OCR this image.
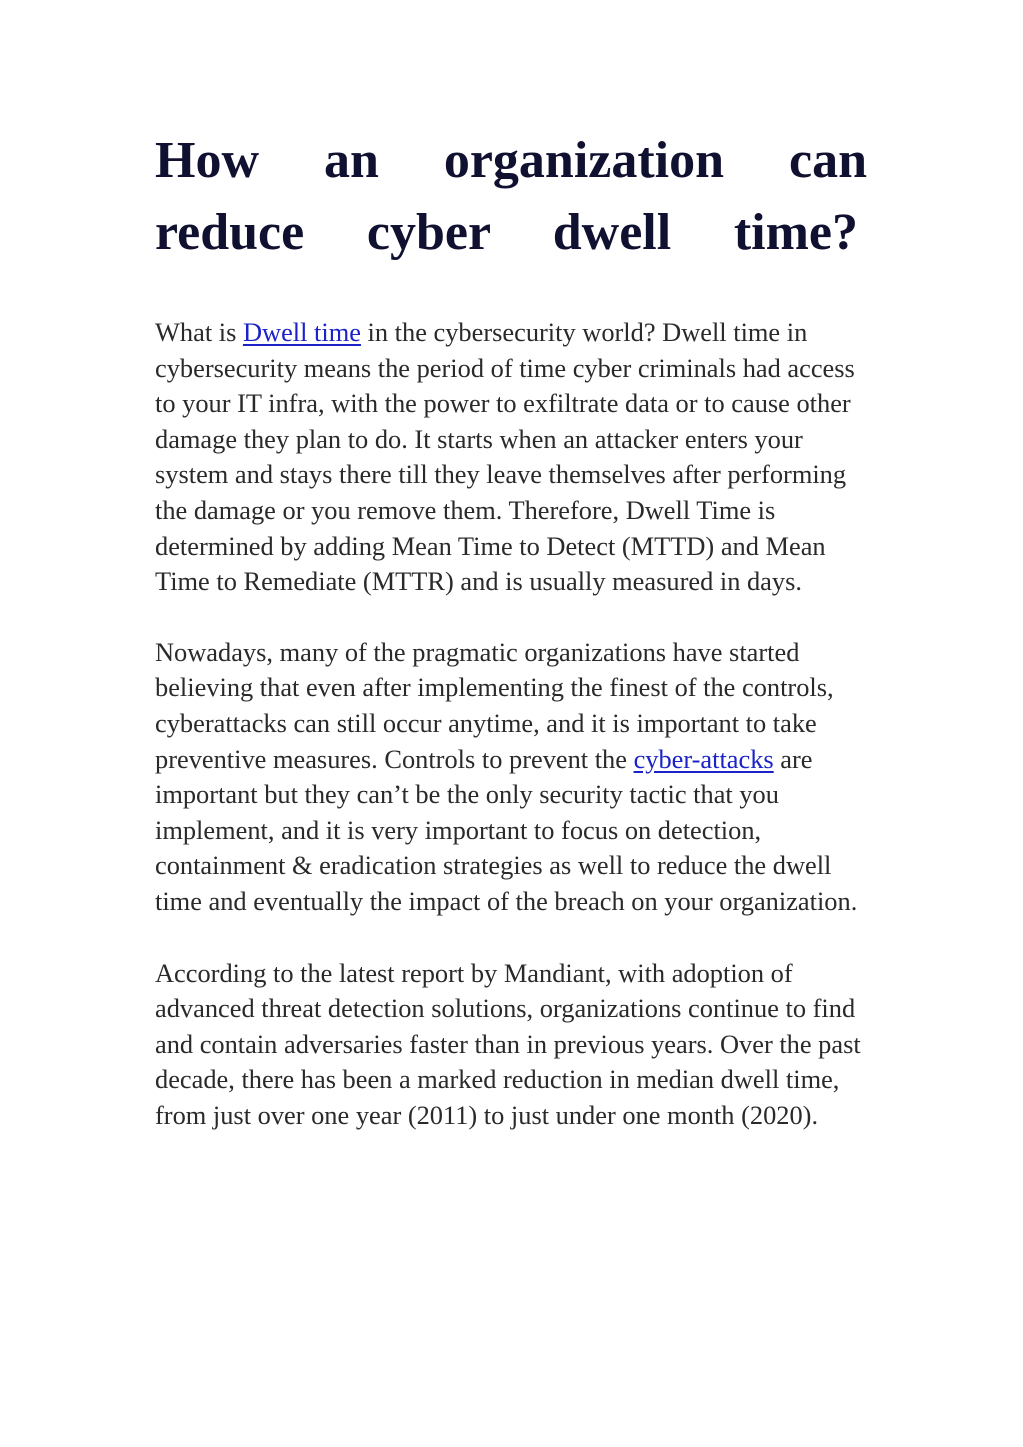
How an organization can
reduce cyber dwell time?

What is Dwell time in the cybersecurity world? Dwell time in cybersecurity means the period of time cyber criminals had access to your IT infra, with the power to exfiltrate data or to cause other damage they plan to do. It starts when an attacker enters your system and stays there till they leave themselves after performing the damage or you remove them. Therefore, Dwell Time is determined by adding Mean Time to Detect (MTTD) and Mean Time to Remediate (MTTR) and is usually measured in days.

Nowadays, many of the pragmatic organizations have started believing that even after implementing the finest of the controls, cyberattacks can still occur anytime, and it is important to take preventive measures. Controls to prevent the cyber-attacks are important but they can’t be the only security tactic that you implement, and it is very important to focus on detection, containment & eradication strategies as well to reduce the dwell time and eventually the impact of the breach on your organization.

According to the latest report by Mandiant, with adoption of advanced threat detection solutions, organizations continue to find and contain adversaries faster than in previous years. Over the past decade, there has been a marked reduction in median dwell time, from just over one year (2011) to just under one month (2020).
